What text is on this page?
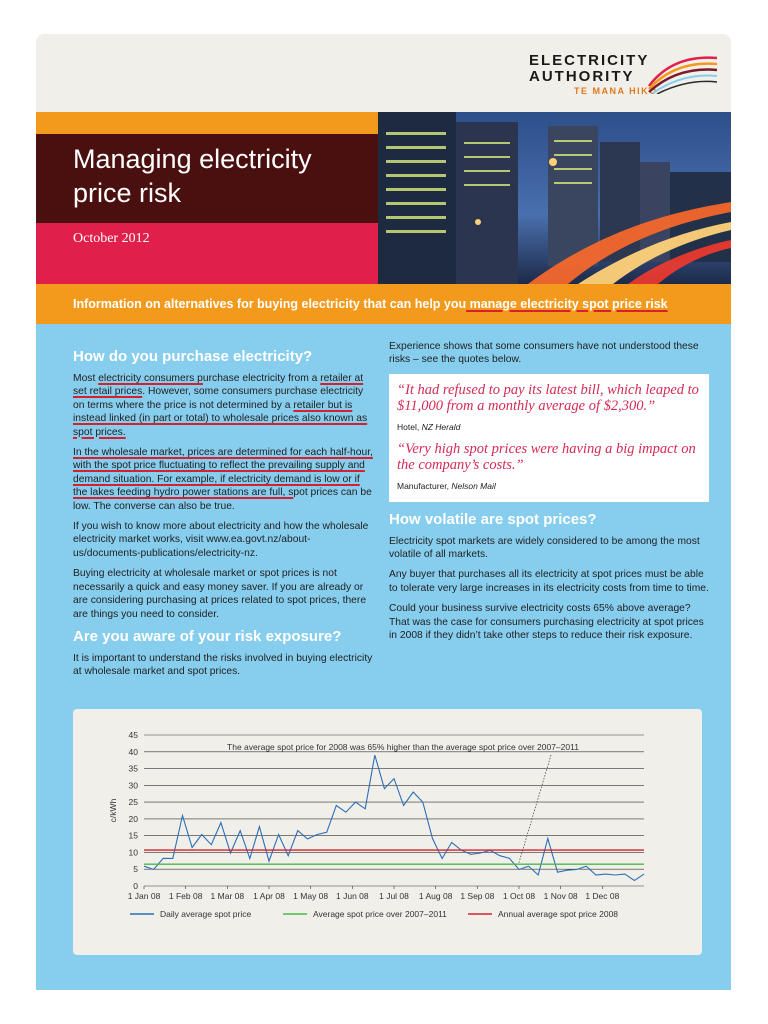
ELECTRICITY
AUTHORITY
TE MANA HIKO
Managing electricity
price risk
October 2012
Information on alternatives for buying electricity that can help you manage electricity spot price risk
How do you purchase electricity?

Most electricity consumers purchase electricity from a retailer at set retail prices. However, some consumers purchase electricity on terms where the price is not determined by a retailer but is instead linked (in part or total) to wholesale prices also known as spot prices.

In the wholesale market, prices are determined for each half-hour, with the spot price fluctuating to reflect the prevailing supply and demand situation. For example, if electricity demand is low or if the lakes feeding hydro power stations are full, spot prices can be low. The converse can also be true.

If you wish to know more about electricity and how the wholesale electricity market works, visit www.ea.govt.nz/about-us/documents-publications/electricity-nz.

Buying electricity at wholesale market or spot prices is not necessarily a quick and easy money saver. If you are already or are considering purchasing at prices related to spot prices, there are things you need to consider.

Are you aware of your risk exposure?

It is important to understand the risks involved in buying electricity at wholesale market and spot prices.

Experience shows that some consumers have not understood these risks – see the quotes below.

“It had refused to pay its latest bill, which leaped to $11,000 from a monthly average of $2,300.”

Hotel, NZ Herald

“Very high spot prices were having a big impact on the company’s costs.”

Manufacturer, Nelson Mail

How volatile are spot prices?

Electricity spot markets are widely considered to be among the most volatile of all markets.

Any buyer that purchases all its electricity at spot prices must be able to tolerate very large increases in its electricity costs from time to time.

Could your business survive electricity costs 65% above average? That was the case for consumers purchasing electricity at spot prices in 2008 if they didn’t take other steps to reduce their risk exposure.

0
5
10
15
20
25
30
35
40
45
1 Jan 08 1 Feb 08 1 Mar 08 1 Apr 08 1 May 08 1 Jun 08 1 Jul 08 1 Aug 08 1 Sep 08 1 Oct 08 1 Nov 08 1 Dec 08
c/kWh
The average spot price for 2008 was 65% higher than the average spot price over 2007–2011
Daily average spot price	Average spot price over 2007–2011	Annual average spot price 2008
